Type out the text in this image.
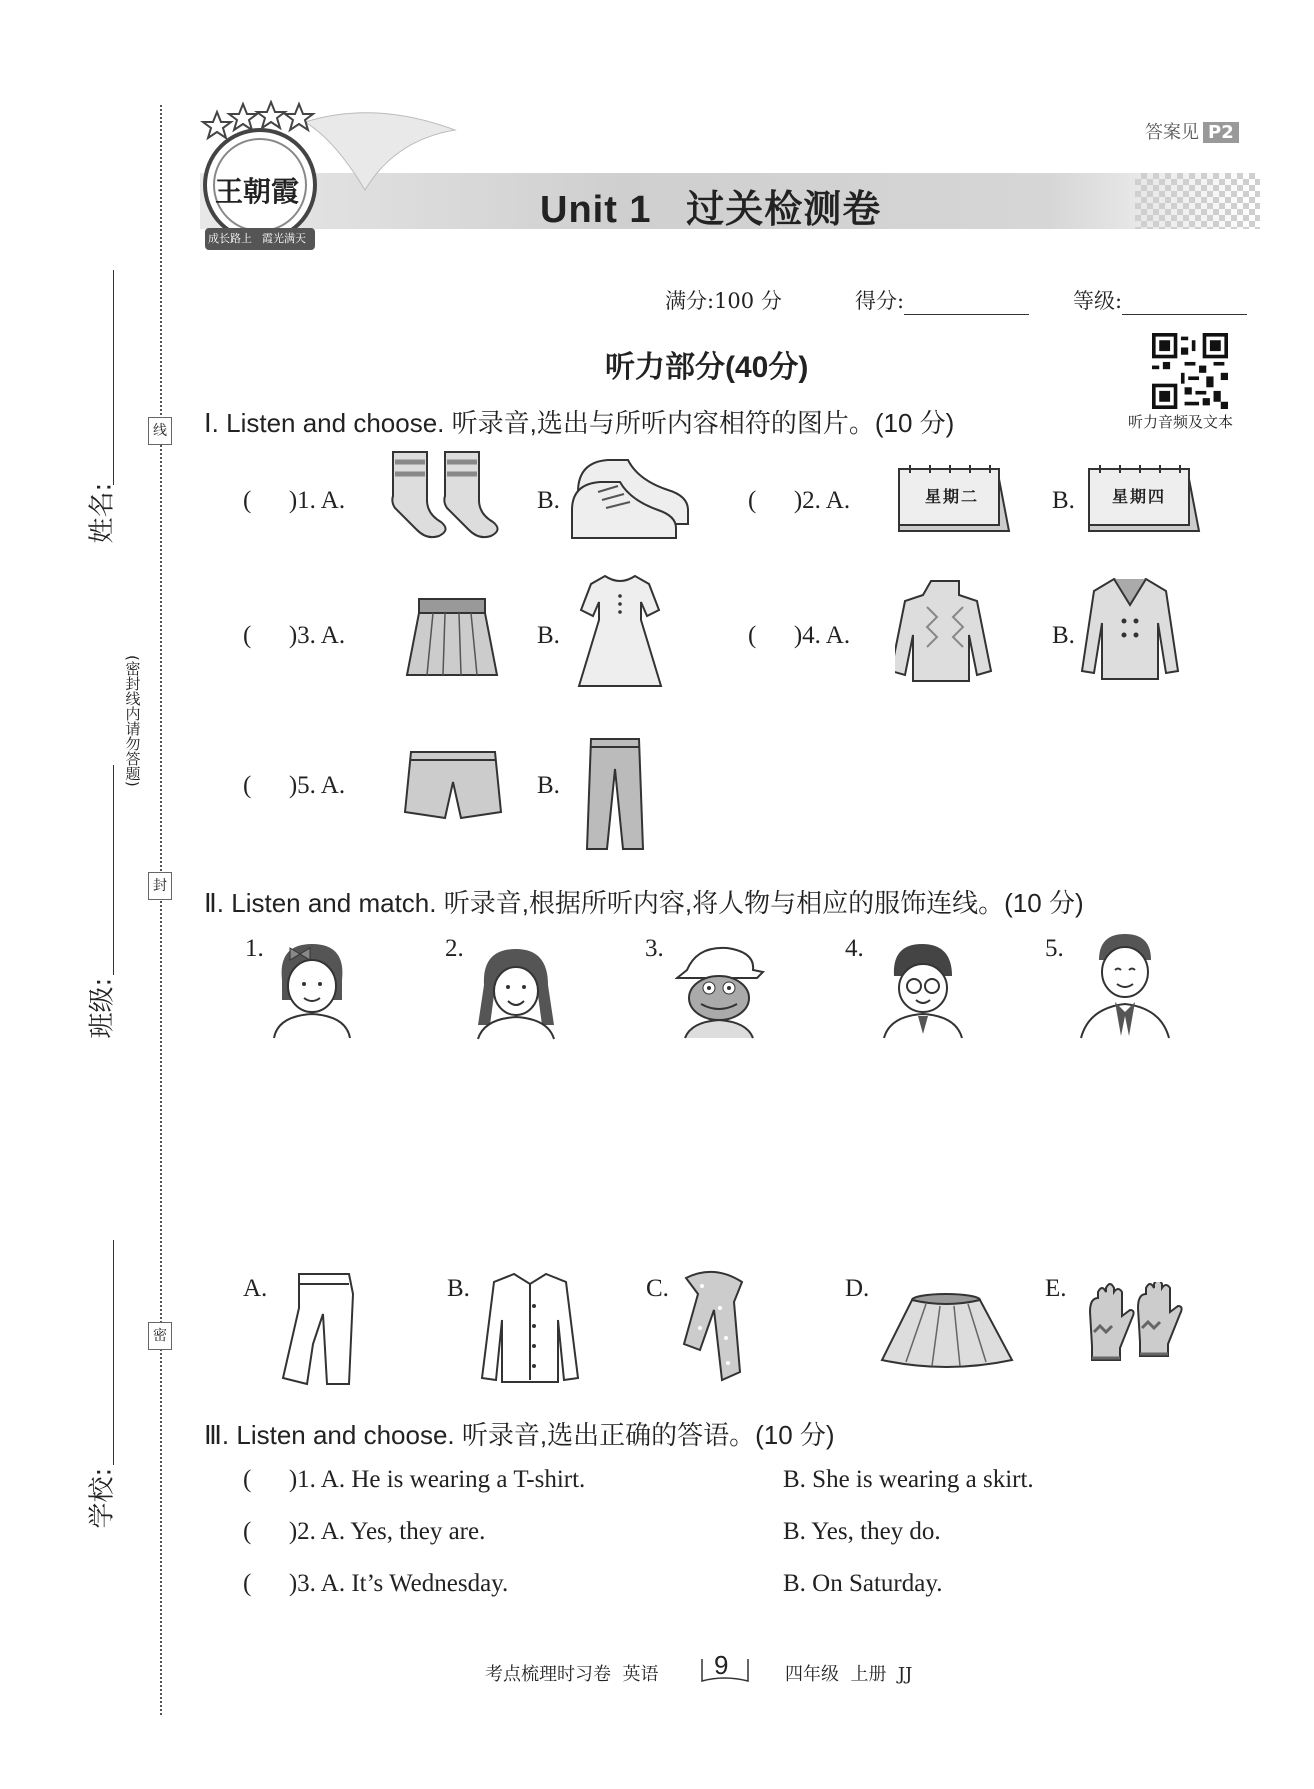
线
封
密
姓名:
班级:
学校:
(密封线内请勿答题)
答案见 P2
王朝霞
成长路上 霞光满天
Unit 1   过关检测卷
满分:100 分	得分:	等级:
听力部分(40分)
听力音频及文本
Ⅰ. Listen and choose. 听录音,选出与所听内容相符的图片。(10 分)
(      )1. A.	B.	(      )2. A.	星期二	B. 星期四
(      )3. A.	B.	(      )4. A.	B.
(      )5. A.	B.
Ⅱ. Listen and match. 听录音,根据所听内容,将人物与相应的服饰连线。(10 分)
1.	2.	3.	4.	5.
A.	B.	C.	D.	E.
Ⅲ. Listen and choose. 听录音,选出正确的答语。(10 分)
(      )1. A. He is wearing a T-shirt.	B. She is wearing a skirt.
(      )2. A. Yes, they are.	B. Yes, they do.
(      )3. A. It’s Wednesday.	B. On Saturday.
考点梳理时习卷  英语 9	四年级  上册  JJ
